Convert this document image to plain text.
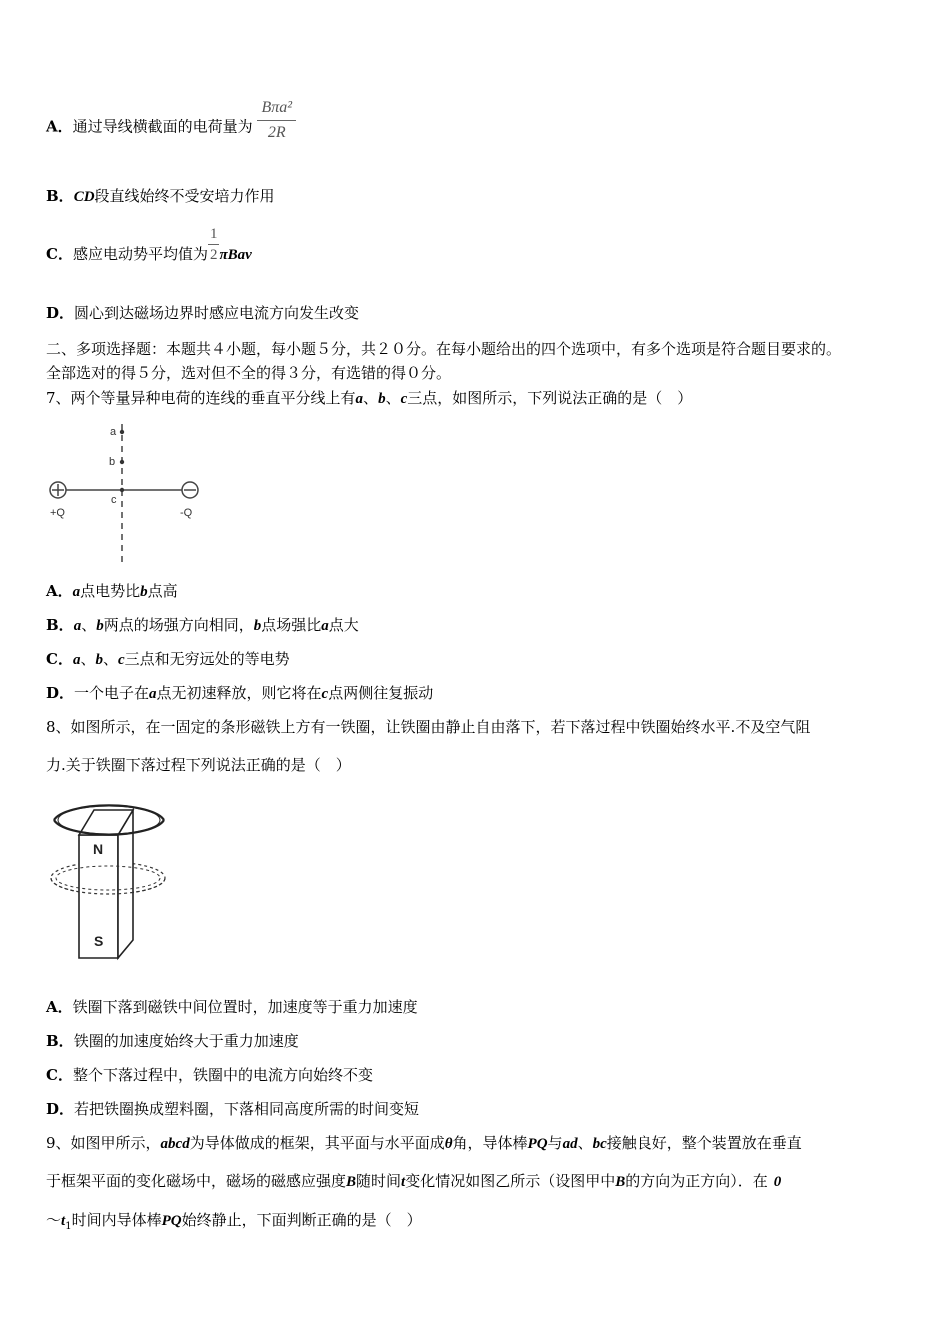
A．通过导线横截面的电荷量为 $\frac{\text{Bπa²}}{2R}$
B．CD段直线始终不受安培力作用
C．感应电动势平均值为 $\frac{1}{2}$ πBav
D．圆心到达磁场边界时感应电流方向发生改变
二、多项选择题：本题共４小题，每小题５分，共２０分。在每小题给出的四个选项中，有多个选项是符合题目要求的。
全部选对的得５分，选对但不全的得３分，有选错的得０分。
7、两个等量异种电荷的连线的垂直平分线上有a、b、c三点，如图所示，下列说法正确的是（　）
a
b
c
+Q	-Q
A．a点电势比b点高
B．a、b两点的场强方向相同，b点场强比a点大
C．a、b、c三点和无穷远处的等电势
D．一个电子在a点无初速释放，则它将在c点两侧往复振动
8、如图所示，在一固定的条形磁铁上方有一铁圈，让铁圈由静止自由落下，若下落过程中铁圈始终水平.不及空气阻
力.关于铁圈下落过程下列说法正确的是（　）
N
S
A．铁圈下落到磁铁中间位置时，加速度等于重力加速度
B．铁圈的加速度始终大于重力加速度
C．整个下落过程中，铁圈中的电流方向始终不变
D．若把铁圈换成塑料圈，下落相同高度所需的时间变短
9、如图甲所示，abcd为导体做成的框架，其平面与水平面成θ角，导体棒PQ与ad、bc接触良好，整个装置放在垂直
于框架平面的变化磁场中，磁场的磁感应强度B随时间t变化情况如图乙所示（设图甲中B的方向为正方向）．在 0
$\sim t_1$时间内导体棒PQ始终静止，下面判断正确的是（　）
